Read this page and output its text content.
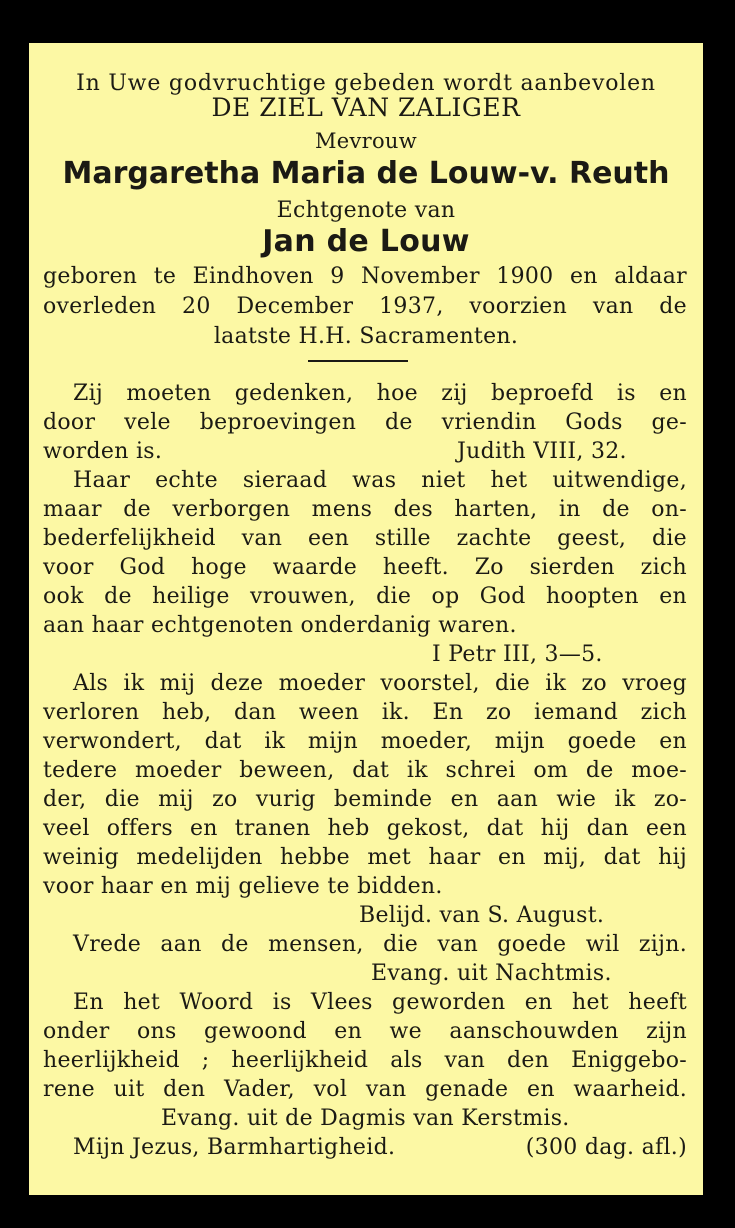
In Uwe godvruchtige gebeden wordt aanbevolen
DE ZIEL VAN ZALIGER
Mevrouw
Margaretha Maria de Louw-v. Reuth
Echtgenote van
Jan de Louw
geboren te Eindhoven 9 November 1900 en aldaar
overleden 20 December 1937, voorzien van de
laatste H.H. Sacramenten.
Zij moeten gedenken, hoe zij beproefd is en
door vele beproevingen de vriendin Gods ge-
worden is.	Judith VIII, 32.
Haar echte sieraad was niet het uitwendige,
maar de verborgen mens des harten, in de on-
bederfelijkheid van een stille zachte geest, die
voor God hoge waarde heeft. Zo sierden zich
ook de heilige vrouwen, die op God hoopten en
aan haar echtgenoten onderdanig waren.
I Petr III, 3—5.
Als ik mij deze moeder voorstel, die ik zo vroeg
verloren heb, dan ween ik. En zo iemand zich
verwondert, dat ik mijn moeder, mijn goede en
tedere moeder beween, dat ik schrei om de moe-
der, die mij zo vurig beminde en aan wie ik zo-
veel offers en tranen heb gekost, dat hij dan een
weinig medelijden hebbe met haar en mij, dat hij
voor haar en mij gelieve te bidden.
Belijd. van S. August.
Vrede aan de mensen, die van goede wil zijn.
Evang. uit Nachtmis.
En het Woord is Vlees geworden en het heeft
onder ons gewoond en we aanschouwden zijn
heerlijkheid ; heerlijkheid als van den Eniggebo-
rene uit den Vader, vol van genade en waarheid.
Evang. uit de Dagmis van Kerstmis.
Mijn Jezus, Barmhartigheid.	(300 dag. afl.)
